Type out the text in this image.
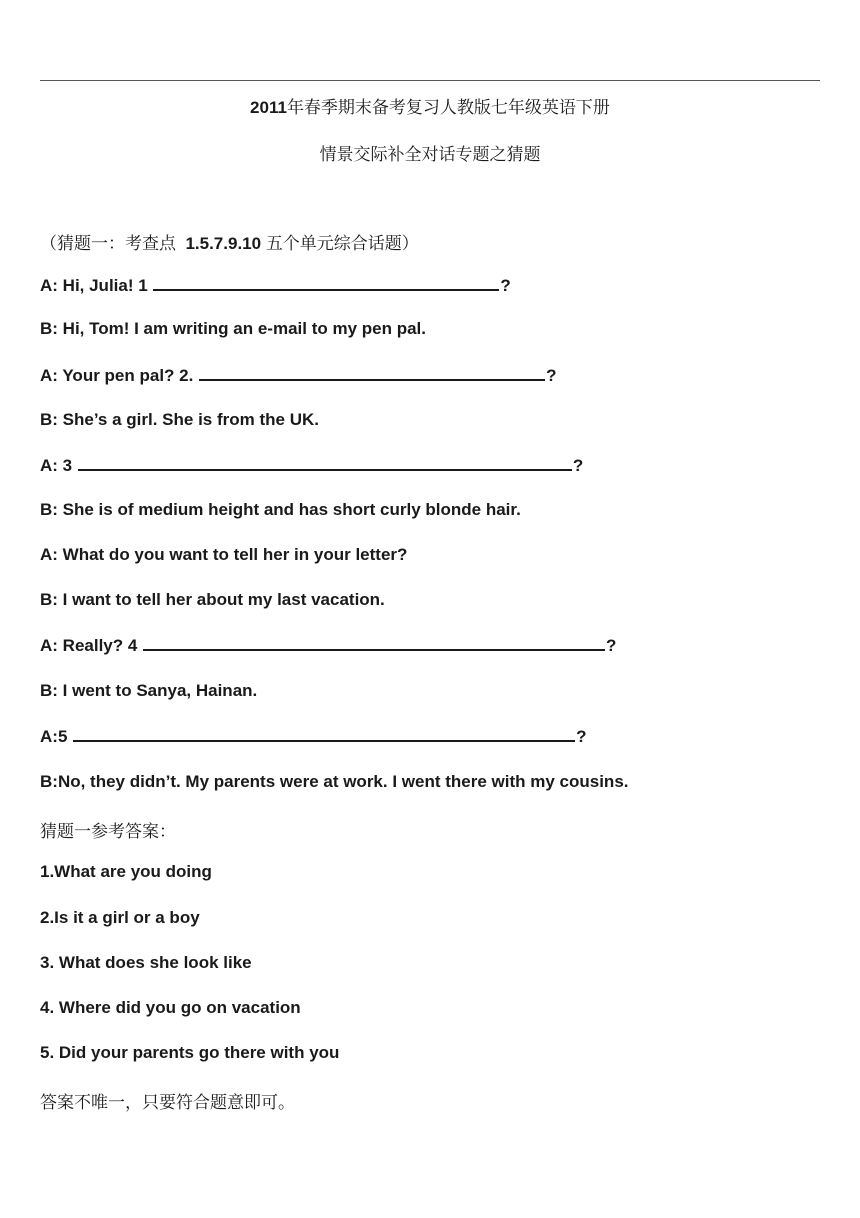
2011年春季期末备考复习人教版七年级英语下册
情景交际补全对话专题之猜题
（猜题一：考查点 1.5.7.9.10 五个单元综合话题）
A: Hi, Julia! 1	?
B: Hi, Tom! I am writing an e-mail to my pen pal.
A: Your pen pal? 2.	?
B: She’s a girl. She is from the UK.
A: 3	?
B: She is of medium height and has short curly blonde hair.
A: What do you want to tell her in your letter?
B: I want to tell her about my last vacation.
A: Really? 4	?
B: I went to Sanya, Hainan.
A:5	?
B:No, they didn’t. My parents were at work. I went there with my cousins.
猜题一参考答案：
1.What are you doing
2.Is it a girl or a boy
3. What does she look like
4. Where did you go on vacation
5. Did your parents go there with you
答案不唯一，只要符合题意即可。
